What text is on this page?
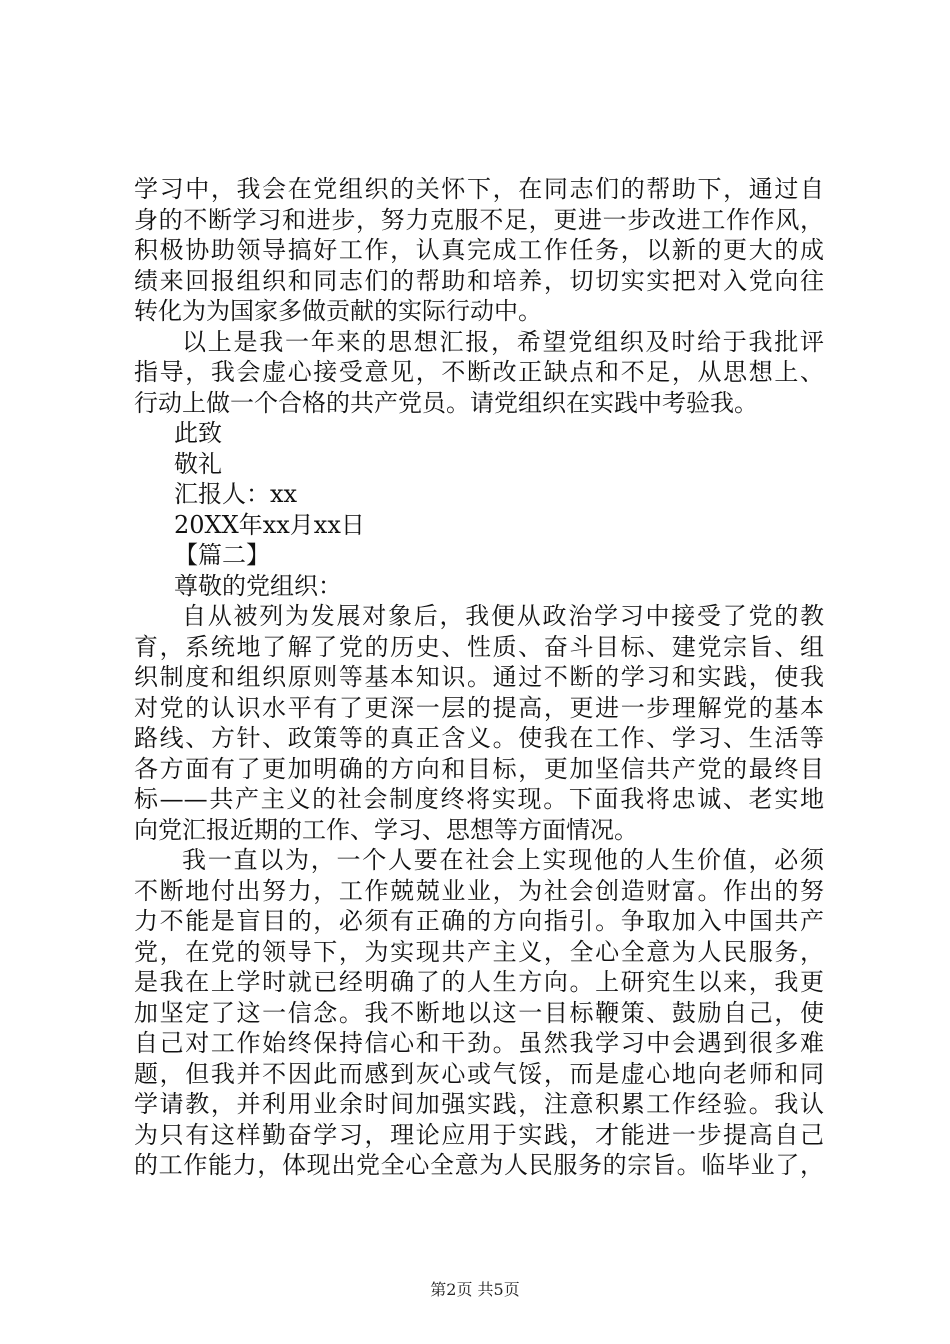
学习中，我会在党组织的关怀下，在同志们的帮助下，通过自
身的不断学习和进步，努力克服不足，更进一步改进工作作风，
积极协助领导搞好工作，认真完成工作任务，以新的更大的成
绩来回报组织和同志们的帮助和培养，切切实实把对入党向往
转化为为国家多做贡献的实际行动中。
以上是我一年来的思想汇报，希望党组织及时给于我批评
指导，我会虚心接受意见，不断改正缺点和不足，从思想上、
行动上做一个合格的共产党员。请党组织在实践中考验我。
此致
敬礼
汇报人：xx
20XX年xx月xx日
【篇二】
尊敬的党组织：
自从被列为发展对象后，我便从政治学习中接受了党的教
育，系统地了解了党的历史、性质、奋斗目标、建党宗旨、组
织制度和组织原则等基本知识。通过不断的学习和实践，使我
对党的认识水平有了更深一层的提高，更进一步理解党的基本
路线、方针、政策等的真正含义。使我在工作、学习、生活等
各方面有了更加明确的方向和目标，更加坚信共产党的最终目
标——共产主义的社会制度终将实现。下面我将忠诚、老实地
向党汇报近期的工作、学习、思想等方面情况。
我一直以为，一个人要在社会上实现他的人生价值，必须
不断地付出努力，工作兢兢业业，为社会创造财富。作出的努
力不能是盲目的，必须有正确的方向指引。争取加入中国共产
党，在党的领导下，为实现共产主义，全心全意为人民服务，
是我在上学时就已经明确了的人生方向。上研究生以来，我更
加坚定了这一信念。我不断地以这一目标鞭策、鼓励自己，使
自己对工作始终保持信心和干劲。虽然我学习中会遇到很多难
题，但我并不因此而感到灰心或气馁，而是虚心地向老师和同
学请教，并利用业余时间加强实践，注意积累工作经验。我认
为只有这样勤奋学习，理论应用于实践，才能进一步提高自己
的工作能力，体现出党全心全意为人民服务的宗旨。临毕业了，
第2页 共5页
